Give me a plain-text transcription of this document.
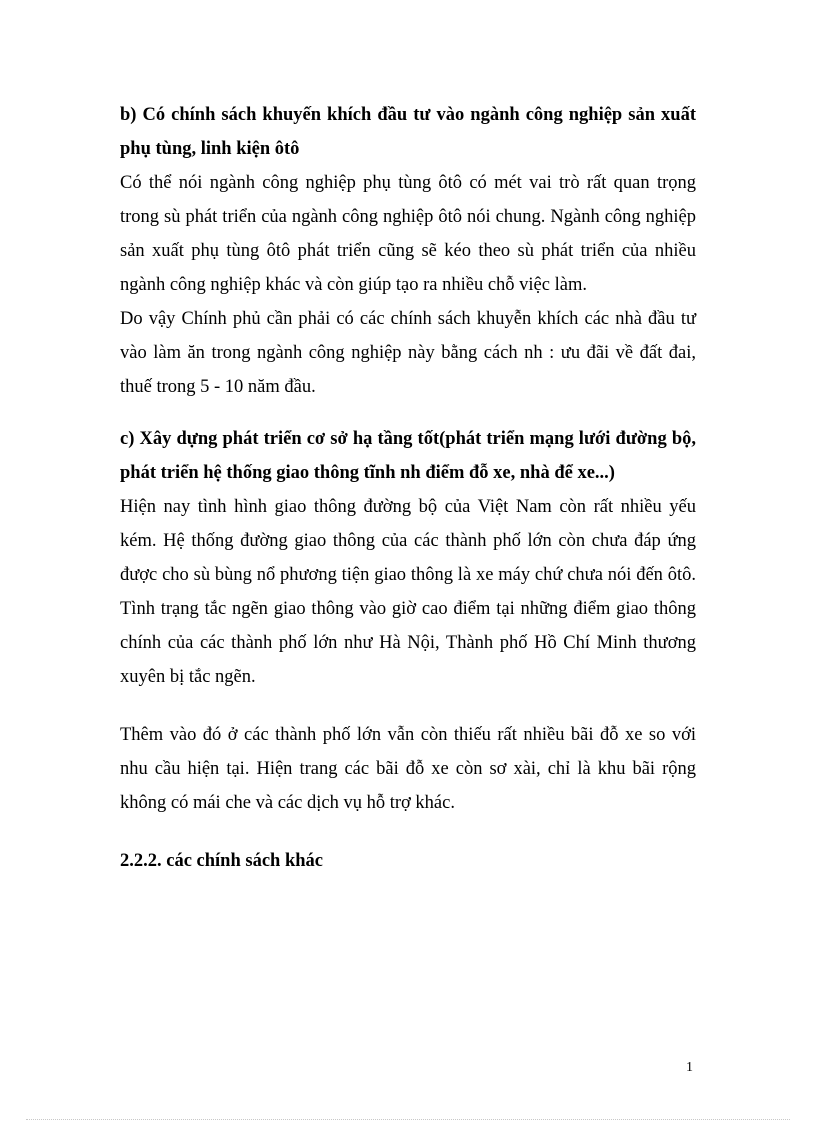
b) Có chính sách khuyến khích đầu tư vào ngành công nghiệp sản xuất phụ tùng, linh kiện ôtô

Có thể nói ngành công nghiệp phụ tùng ôtô có mét vai trò rất quan trọng trong sù phát triển của ngành công nghiệp ôtô nói chung. Ngành công nghiệp sản xuất phụ tùng ôtô phát triển cũng sẽ kéo theo sù phát triển của nhiều ngành công nghiệp khác và còn giúp tạo ra nhiều chỗ việc làm.

Do vậy Chính phủ cần phải có các chính sách khuyễn khích các nhà đầu tư vào làm ăn trong ngành công nghiệp này bằng cách nh : ưu đãi về đất đai, thuế trong 5 - 10 năm đầu.

c) Xây dựng phát triển cơ sở hạ tầng tốt(phát triển mạng lưới đường bộ, phát triển hệ thống giao thông tĩnh nh điểm đỗ xe, nhà để xe...)

Hiện nay tình hình giao thông đường bộ của Việt Nam còn rất nhiều yếu kém. Hệ thống đường giao thông của các thành phố lớn còn chưa đáp ứng được cho sù bùng nổ phương tiện giao thông là xe máy chứ chưa nói đến ôtô. Tình trạng tắc ngẽn giao thông vào giờ cao điểm tại những điểm giao thông chính của các thành phố lớn như Hà Nội, Thành phố Hồ Chí Minh thương xuyên bị tắc ngẽn.

Thêm vào đó ở các thành phố lớn vẫn còn thiếu rất nhiều bãi đỗ xe so với nhu cầu hiện tại. Hiện trang các bãi đỗ xe còn sơ xài, chỉ là khu bãi rộng không có mái che và các dịch vụ hỗ trợ khác.

2.2.2. các chính sách khác

1
